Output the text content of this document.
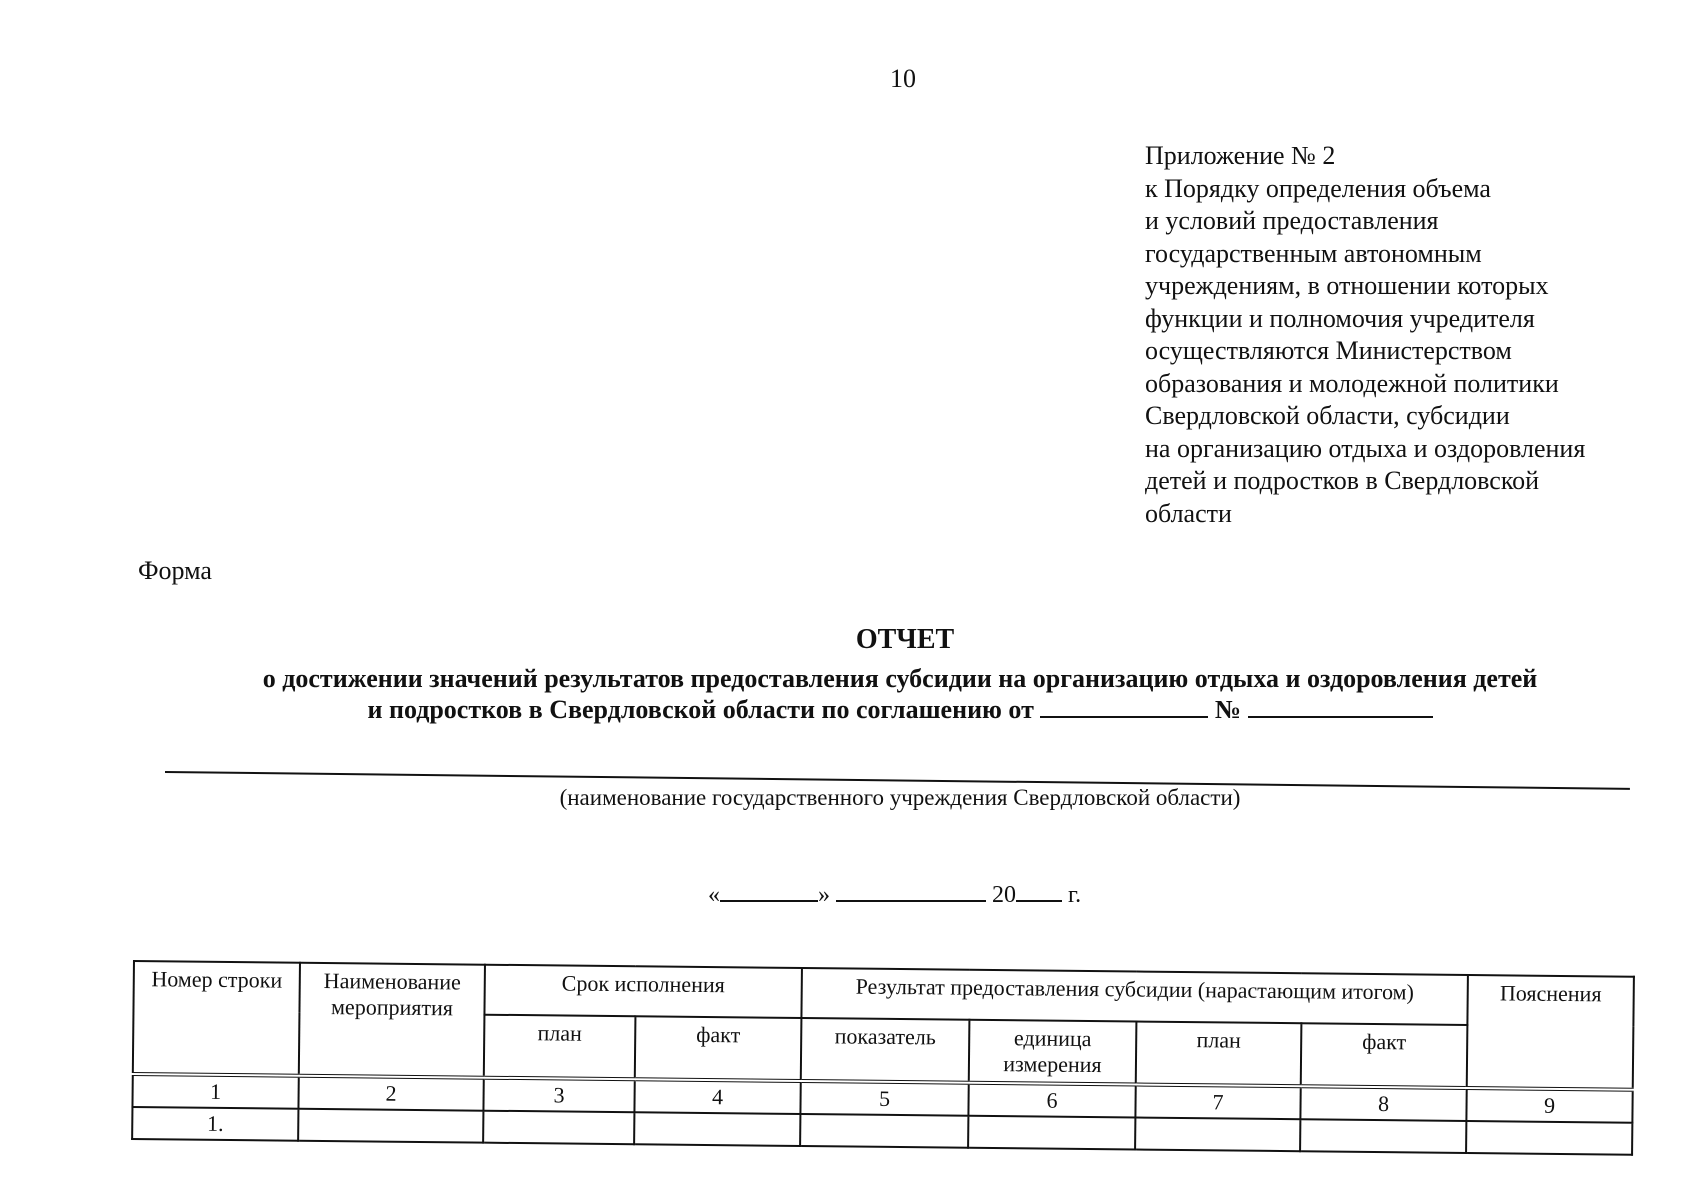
10
Приложение № 2
к Порядку определения объема
и условий предоставления
государственным автономным
учреждениям, в отношении которых
функции и полномочия учредителя
осуществляются Министерством
образования и молодежной политики
Свердловской области, субсидии
на организацию отдыха и оздоровления
детей и подростков в Свердловской
области
Форма
ОТЧЕТ
о достижении значений результатов предоставления субсидии на организацию отдыха и оздоровления детей
и подростков в Свердловской области по соглашению от	№
(наименование государственного учреждения Свердловской области)
«	»	20 г.
Номер строки	Наименование мероприятия	Срок исполнения		Результат предоставления субсидии (нарастающим итогом)				Пояснения
		план	факт	показатель	единица измерения	план	факт	
1	2	3	4	5	6	7	8	9
1.								
